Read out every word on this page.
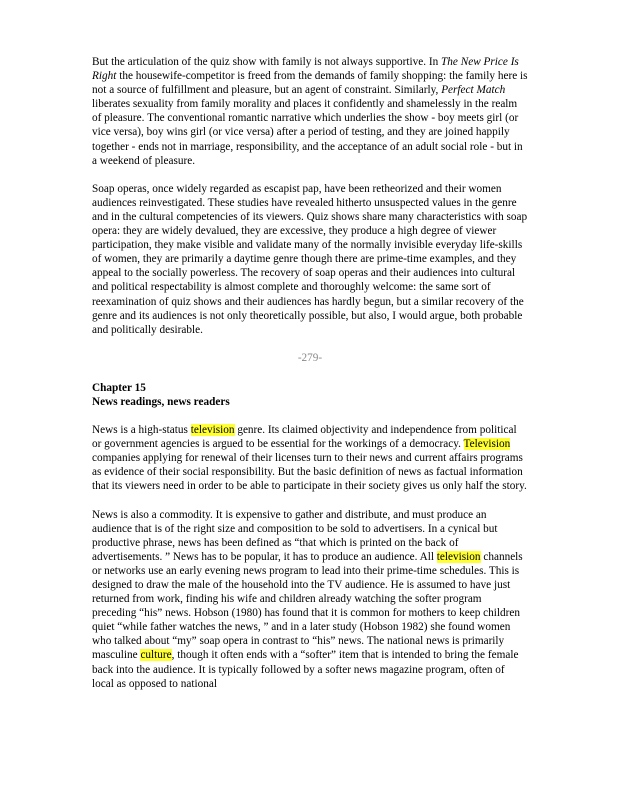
But the articulation of the quiz show with family is not always supportive. In The New Price Is Right the housewife-competitor is freed from the demands of family shopping: the family here is not a source of fulfillment and pleasure, but an agent of constraint. Similarly, Perfect Match liberates sexuality from family morality and places it confidently and shamelessly in the realm of pleasure. The conventional romantic narrative which underlies the show - boy meets girl (or vice versa), boy wins girl (or vice versa) after a period of testing, and they are joined happily together - ends not in marriage, responsibility, and the acceptance of an adult social role - but in a weekend of pleasure.

Soap operas, once widely regarded as escapist pap, have been retheorized and their women audiences reinvestigated. These studies have revealed hitherto unsuspected values in the genre and in the cultural competencies of its viewers. Quiz shows share many characteristics with soap opera: they are widely devalued, they are excessive, they produce a high degree of viewer participation, they make visible and validate many of the normally invisible everyday life-skills of women, they are primarily a daytime genre though there are prime-time examples, and they appeal to the socially powerless. The recovery of soap operas and their audiences into cultural and political respectability is almost complete and thoroughly welcome: the same sort of reexamination of quiz shows and their audiences has hardly begun, but a similar recovery of the genre and its audiences is not only theoretically possible, but also, I would argue, both probable and politically desirable.

-279-
Chapter 15
News readings, news readers

News is a high-status television genre. Its claimed objectivity and independence from political or government agencies is argued to be essential for the workings of a democracy. Television companies applying for renewal of their licenses turn to their news and current affairs programs as evidence of their social responsibility. But the basic definition of news as factual information that its viewers need in order to be able to participate in their society gives us only half the story.

News is also a commodity. It is expensive to gather and distribute, and must produce an audience that is of the right size and composition to be sold to advertisers. In a cynical but productive phrase, news has been defined as “that which is printed on the back of advertisements. ” News has to be popular, it has to produce an audience. All television channels or networks use an early evening news program to lead into their prime-time schedules. This is designed to draw the male of the household into the TV audience. He is assumed to have just returned from work, finding his wife and children already watching the softer program preceding “his” news. Hobson (1980) has found that it is common for mothers to keep children quiet “while father watches the news, ” and in a later study (Hobson 1982) she found women who talked about “my” soap opera in contrast to “his” news. The national news is primarily masculine culture, though it often ends with a “softer” item that is intended to bring the female back into the audience. It is typically followed by a softer news magazine program, often of local as opposed to national
